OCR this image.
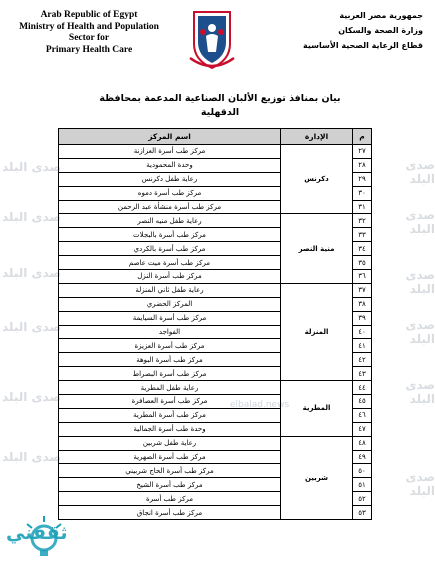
Arab Republic of Egypt
Ministry of Health and Population
Sector for
Primary Health Care
جمهورية مصر العربية
وزارة الصحة والسكان
قطاع الرعاية الصحية الأساسية
بيان بمنافذ توزيع الألبان الصناعية المدعمة بمحافظة
الدقهلية
صدى البلد
صدى البلد
صدى البلد
صدى البلد
صدى البلد
صدى البلد
صدى البلد
صدى البلد
صدى البلد
صدى البلد
صدى البلد
صدى البلد
elbalad.news
م	الإدارة	اسم المركز
٢٧	دكرنس	مركز طب أسرة العزازنة
٢٨		وحدة المحمودية
٢٩		رعاية طفل دكرنس
٣٠		مركز طب أسرة دموه
٣١		مركز طب أسرة منشأة عبد الرحمن
٣٢	منية النصر	رعاية طفل منيه النصر
٣٣		مركز طب أسرة بالبجلات
٣٤		مركز طب أسرة بالكردي
٣٥		مركز طب أسرة ميت عاصم
٣٦		مركز طب أسرة النزل
٣٧	المنزلة	رعاية طفل ثاني المنزلة
٣٨		المركز الحضري
٣٩		مركز طب أسرة السيايمة
٤٠		الفواجد
٤١		مركز طب أسرة العزيزة
٤٢		مركز طب أسرة البوهة
٤٣		مركز طب أسرة البصراط
٤٤	المطرية	رعاية طفل المطرية
٤٥		مركز طب أسرة العصافرة
٤٦		مركز طب أسرة المطرية
٤٧		وحدة طب أسرة الجمالية
٤٨	شربين	رعاية طفل شربين
٤٩		مركز طب أسرة الصهرية
٥٠		مركز طب أسرة الحاج شربيني
٥١		مركز طب أسرة الشيخ
٥٢		مركز طب أسرة
٥٣		مركز طب أسرة انجاق
ثقفني
